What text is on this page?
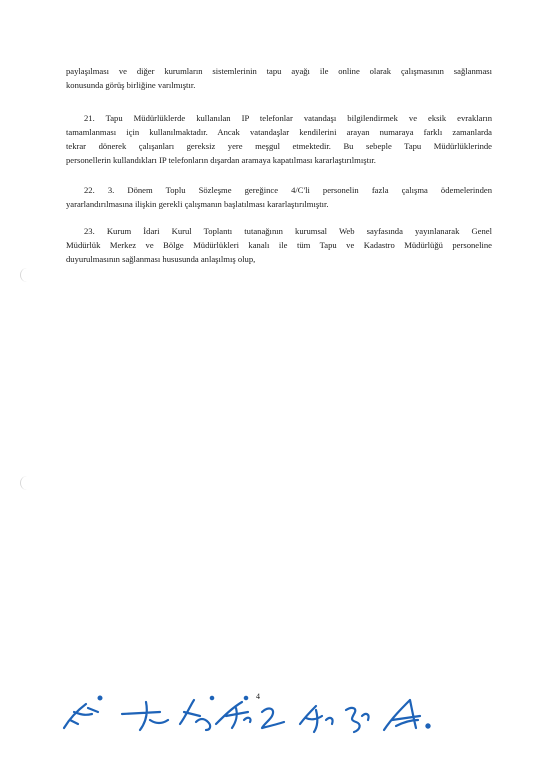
paylaşılması ve diğer kurumların sistemlerinin tapu ayağı ile online olarak çalışmasının sağlanması
konusunda görüş birliğine varılmıştır.

21. Tapu Müdürlüklerde kullanılan IP telefonlar vatandaşı bilgilendirmek ve eksik evrakların
tamamlanması için kullanılmaktadır. Ancak vatandaşlar kendilerini arayan numaraya farklı zamanlarda
tekrar dönerek çalışanları gereksiz yere meşgul etmektedir. Bu sebeple Tapu Müdürlüklerinde
personellerin kullandıkları IP telefonların dışardan aramaya kapatılması kararlaştırılmıştır.

22. 3. Dönem Toplu Sözleşme gereğince 4/C'li personelin fazla çalışma ödemelerinden
yararlandırılmasına ilişkin gerekli çalışmanın başlatılması kararlaştırılmıştır.

23. Kurum İdari Kurul Toplantı tutanağının kurumsal Web sayfasında yayınlanarak Genel
Müdürlük Merkez ve Bölge Müdürlükleri kanalı ile tüm Tapu ve Kadastro Müdürlüğü personeline
duyurulmasının sağlanması hususunda anlaşılmış olup,

4
